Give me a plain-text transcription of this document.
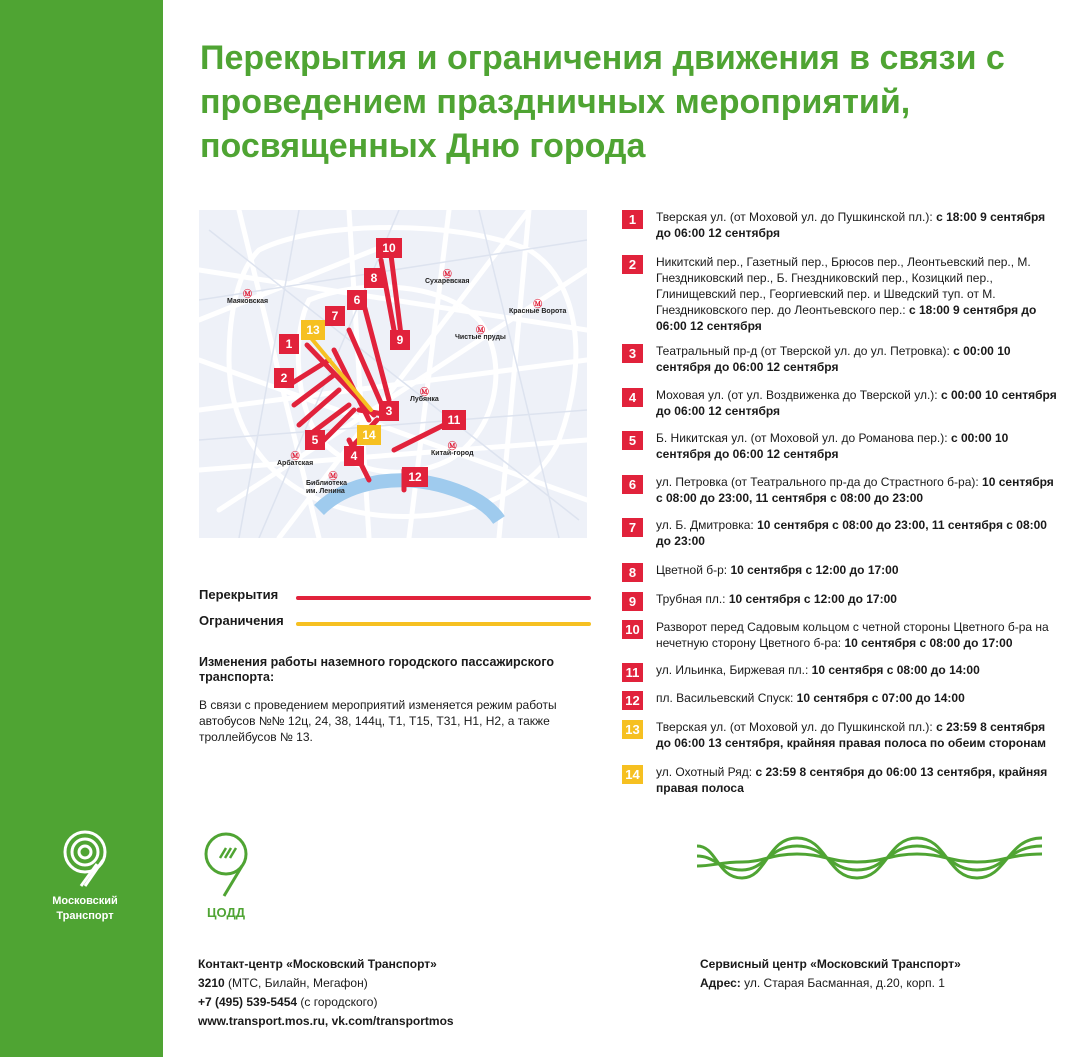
Московский
Транспорт
Перекрытия и ограничения движения в связи с проведением праздничных мероприятий, посвященных Дню города
Ⓜ
Маяковская
Ⓜ
Сухаревская
Ⓜ
Красные Ворота
Ⓜ
Чистые пруды
Ⓜ
Лубянка
Ⓜ
Арбатская
Ⓜ
Китай-город
Ⓜ
Библиотека им. Ленина
1
2
3
4
5
6
7
8
9
10
11
12
13
14
Перекрытия
Ограничения
Изменения работы наземного городского пассажирского транспорта:
В связи с проведением мероприятий изменяется режим работы автобусов №№ 12ц, 24, 38, 144ц, Т1, Т15, Т31, Н1, Н2, а также троллейбусов № 13.
1	Тверская ул. (от Моховой ул. до Пушкинской пл.): с 18:00 9 сентября до 06:00 12 сентября
2	Никитский пер., Газетный пер., Брюсов пер., Леонтьевский пер., М. Гнездниковский пер., Б. Гнездниковский пер., Козицкий пер., Глинищевский пер., Георгиевский пер. и Шведский туп. от М. Гнездниковского пер. до Леонтьевского пер.: с 18:00 9 сентября до 06:00 12 сентября
3	Театральный пр-д (от Тверской ул. до ул. Петровка): с 00:00 10 сентября до 06:00 12 сентября
4	Моховая ул. (от ул. Воздвиженка до Тверской ул.): с 00:00 10 сентября до 06:00 12 сентября
5	Б. Никитская ул. (от Моховой ул. до Романова пер.): с 00:00 10 сентября до 06:00 12 сентября
6	ул. Петровка (от Театрального пр-да до Страстного б-ра): 10 сентября с 08:00 до 23:00, 11 сентября с 08:00 до 23:00
7	ул. Б. Дмитровка: 10 сентября с 08:00 до 23:00, 11 сентября с 08:00 до 23:00
8	Цветной б-р: 10 сентября с 12:00 до 17:00
9	Трубная пл.: 10 сентября с 12:00 до 17:00
10 Разворот перед Садовым кольцом с четной стороны Цветного б-ра на нечетную сторону Цветного б-ра: 10 сентября с 08:00 до 17:00
11	ул. Ильинка, Биржевая пл.: 10 сентября с 08:00 до 14:00
12 пл. Васильевский Спуск: 10 сентября с 07:00 до 14:00
13 Тверская ул. (от Моховой ул. до Пушкинской пл.): с 23:59 8 сентября до 06:00 13 сентября, крайняя правая полоса по обеим сторонам
14 ул. Охотный Ряд: с 23:59 8 сентября до 06:00 13 сентября, крайняя правая полоса
ЦОДД
Контакт-центр «Московский Транспорт»
3210 (МТС, Билайн, Мегафон)
+7 (495) 539-5454 (с городского)
www.transport.mos.ru, vk.com/transportmos
Сервисный центр «Московский Транспорт»
Адрес: ул. Старая Басманная, д.20, корп. 1
